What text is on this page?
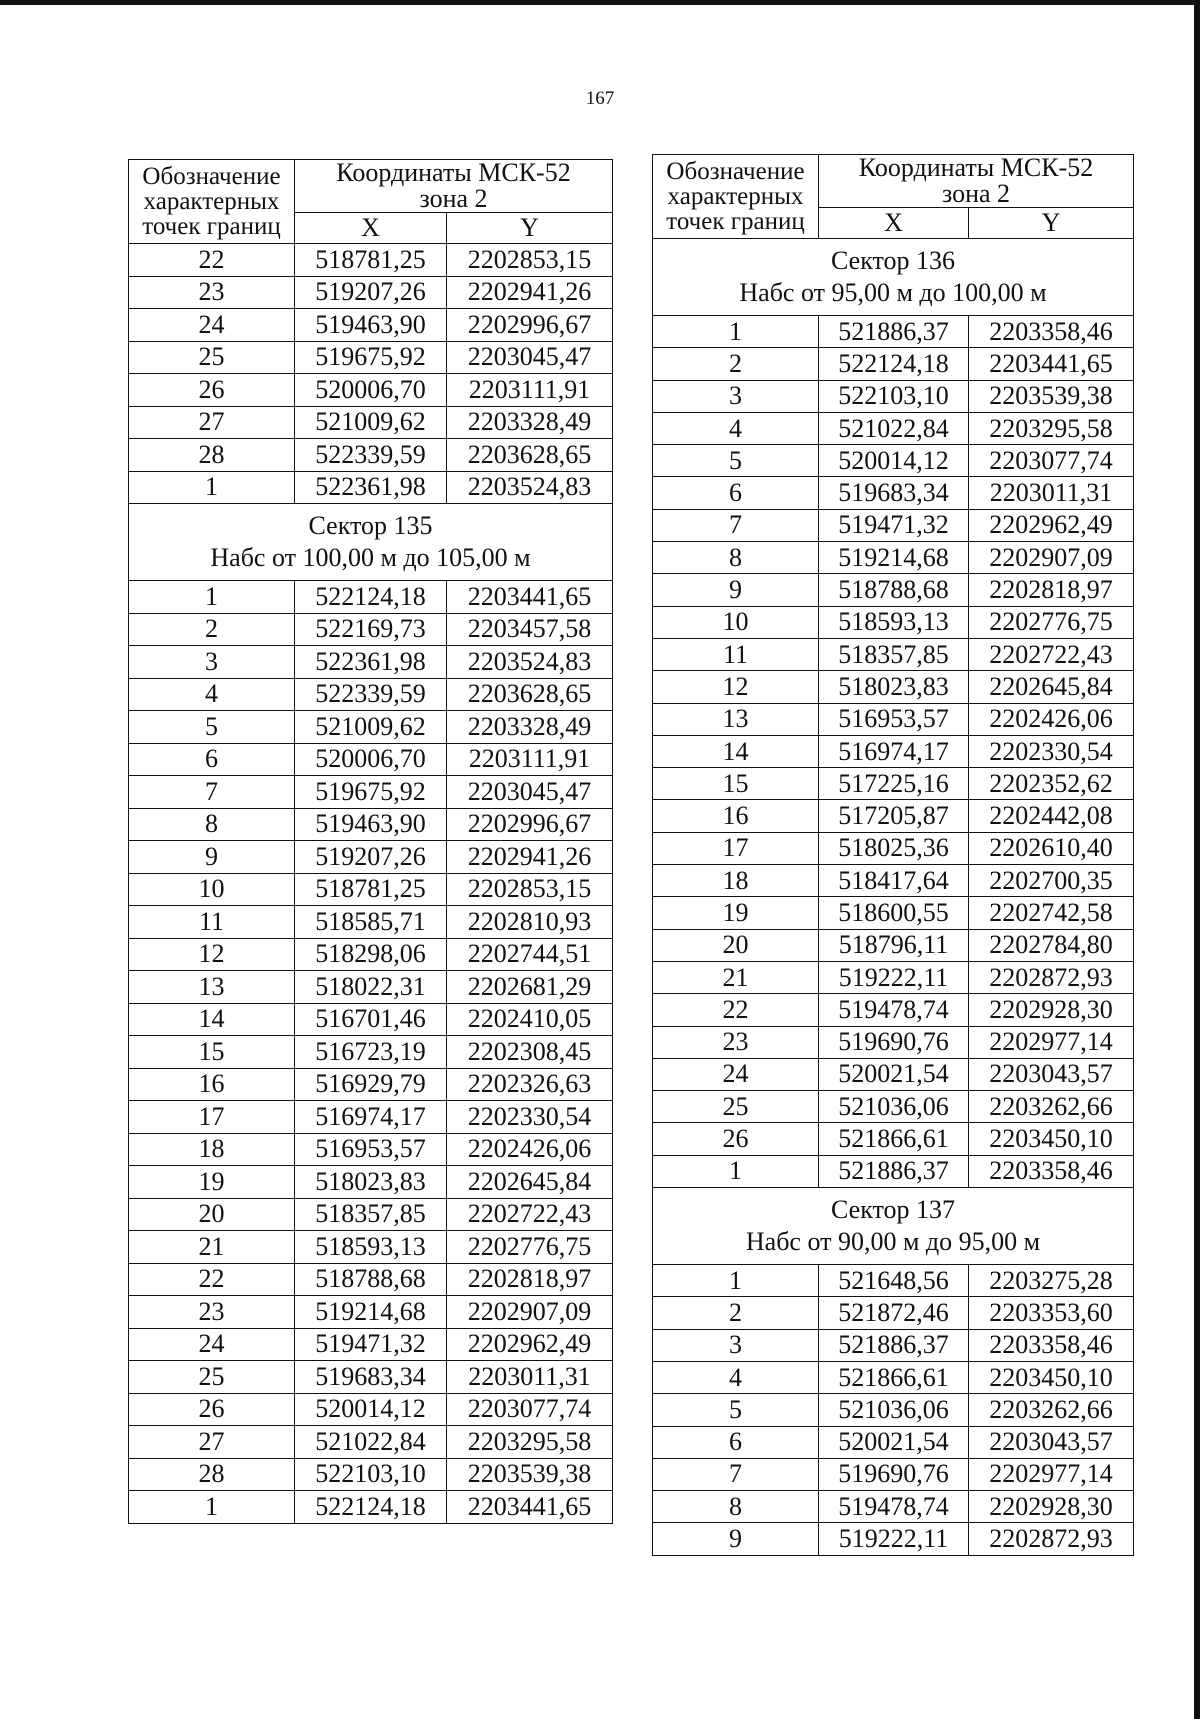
167
Обозначение
характерных
точек границ	Координаты МСК-52
зона 2	
	X	Y
22	518781,25	2202853,15
23	519207,26	2202941,26
24	519463,90	2202996,67
25	519675,92	2203045,47
26	520006,70	2203111,91
27	521009,62	2203328,49
28	522339,59	2203628,65
1	522361,98	2203524,83
Сектор 135
Набс от 100,00 м до 105,00 м		
1	522124,18	2203441,65
2	522169,73	2203457,58
3	522361,98	2203524,83
4	522339,59	2203628,65
5	521009,62	2203328,49
6	520006,70	2203111,91
7	519675,92	2203045,47
8	519463,90	2202996,67
9	519207,26	2202941,26
10	518781,25	2202853,15
11	518585,71	2202810,93
12	518298,06	2202744,51
13	518022,31	2202681,29
14	516701,46	2202410,05
15	516723,19	2202308,45
16	516929,79	2202326,63
17	516974,17	2202330,54
18	516953,57	2202426,06
19	518023,83	2202645,84
20	518357,85	2202722,43
21	518593,13	2202776,75
22	518788,68	2202818,97
23	519214,68	2202907,09
24	519471,32	2202962,49
25	519683,34	2203011,31
26	520014,12	2203077,74
27	521022,84	2203295,58
28	522103,10	2203539,38
1	522124,18	2203441,65
Обозначение
характерных
точек границ	Координаты МСК-52
зона 2	
	X	Y
Сектор 136
Набс от 95,00 м до 100,00 м		
1	521886,37	2203358,46
2	522124,18	2203441,65
3	522103,10	2203539,38
4	521022,84	2203295,58
5	520014,12	2203077,74
6	519683,34	2203011,31
7	519471,32	2202962,49
8	519214,68	2202907,09
9	518788,68	2202818,97
10	518593,13	2202776,75
11	518357,85	2202722,43
12	518023,83	2202645,84
13	516953,57	2202426,06
14	516974,17	2202330,54
15	517225,16	2202352,62
16	517205,87	2202442,08
17	518025,36	2202610,40
18	518417,64	2202700,35
19	518600,55	2202742,58
20	518796,11	2202784,80
21	519222,11	2202872,93
22	519478,74	2202928,30
23	519690,76	2202977,14
24	520021,54	2203043,57
25	521036,06	2203262,66
26	521866,61	2203450,10
1	521886,37	2203358,46
Сектор 137
Набс от 90,00 м до 95,00 м		
1	521648,56	2203275,28
2	521872,46	2203353,60
3	521886,37	2203358,46
4	521866,61	2203450,10
5	521036,06	2203262,66
6	520021,54	2203043,57
7	519690,76	2202977,14
8	519478,74	2202928,30
9	519222,11	2202872,93
